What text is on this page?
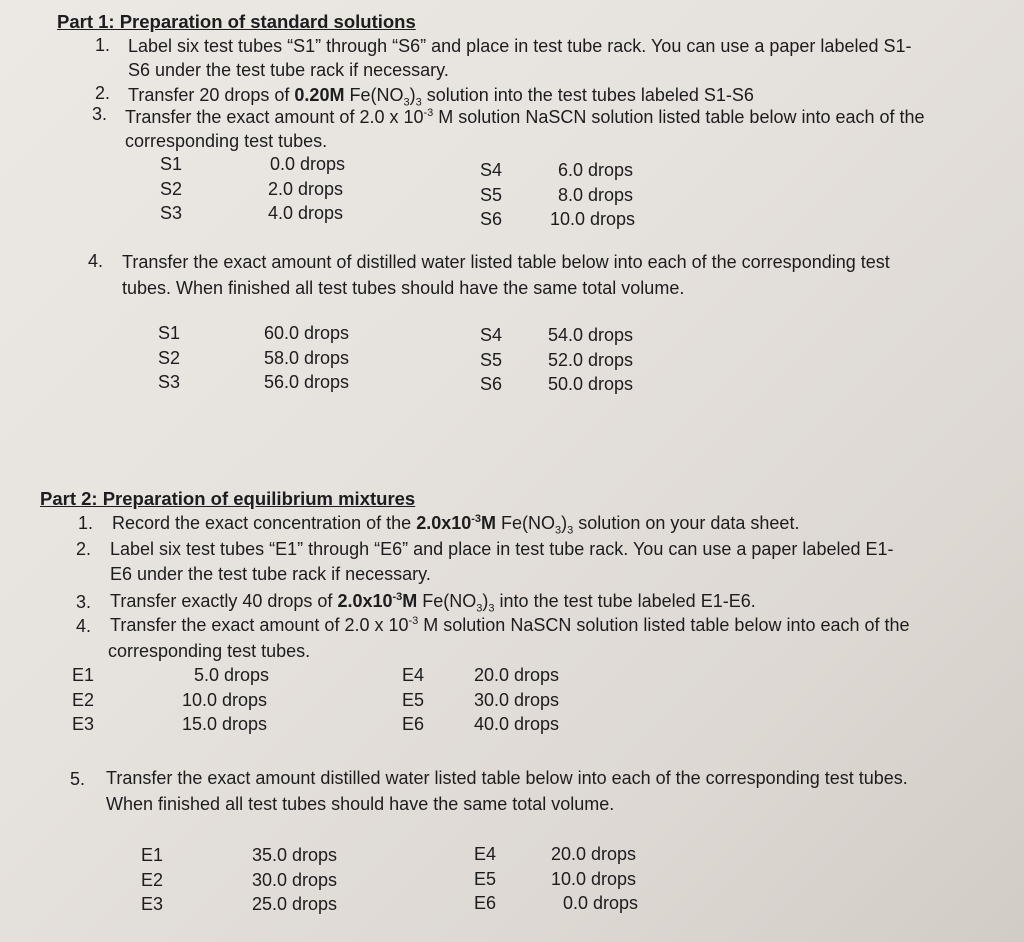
Part 1: Preparation of standard solutions
1. Label six test tubes “S1” through “S6” and place in test tube rack. You can use a paper labeled S1-
S6 under the test tube rack if necessary.
2. Transfer 20 drops of 0.20M $Fe(NO_3)_3$ solution into the test tubes labeled S1-S6
3. Transfer the exact amount of 2.0 x $10^{-3}$ M solution NaSCN solution listed table below into each of the
corresponding test tubes.
S1	0.0 drops	S4	6.0 drops
S2	2.0 drops	S5	8.0 drops
S3	4.0 drops	S6	10.0 drops
4. Transfer the exact amount of distilled water listed table below into each of the corresponding test
tubes. When finished all test tubes should have the same total volume.
S1	60.0 drops	S4	54.0 drops
S2	58.0 drops	S5	52.0 drops
S3	56.0 drops	S6	50.0 drops
Part 2: Preparation of equilibrium mixtures
1. Record the exact concentration of the $2.0x10^{-3}M$ $Fe(NO_3)_3$ solution on your data sheet.
2. Label six test tubes “E1” through “E6” and place in test tube rack. You can use a paper labeled E1-
E6 under the test tube rack if necessary.
3. Transfer exactly 40 drops of $2.0x10^{-3}M$ $Fe(NO_3)_3$ into the test tube labeled E1-E6.
4. Transfer the exact amount of 2.0 x $10^{-3}$ M solution NaSCN solution listed table below into each of the
corresponding test tubes.
E1	5.0 drops	E4	20.0 drops
E2	10.0 drops	E5	30.0 drops
E3	15.0 drops	E6	40.0 drops
5. Transfer the exact amount distilled water listed table below into each of the corresponding test tubes.
When finished all test tubes should have the same total volume.
E1	35.0 drops	E4	20.0 drops
E2	30.0 drops	E5	10.0 drops
E3	25.0 drops	E6	0.0 drops
